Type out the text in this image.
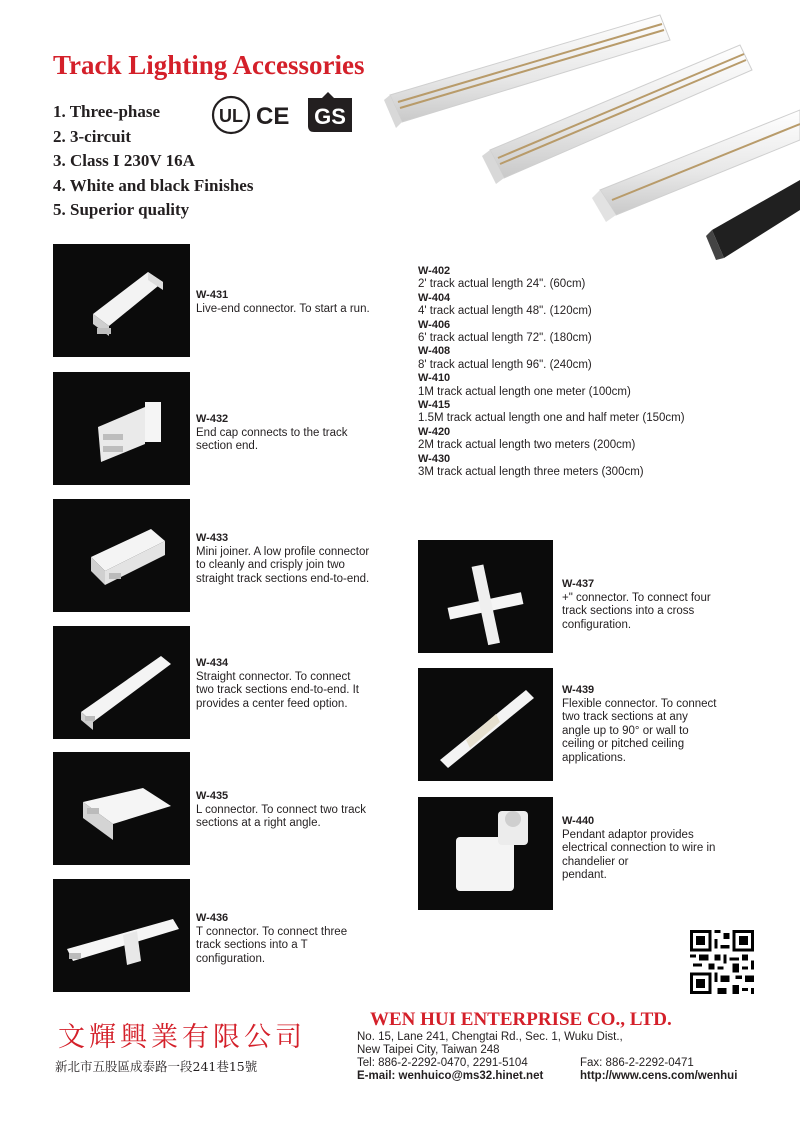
Track Lighting Accessories
1. Three-phase
2. 3-circuit
3. Class I 230V 16A
4. White and black Finishes
5. Superior quality
UL CE GS
W-431
Live-end connector. To start a run.
W-432
End cap connects to the track
section end.
W-433
Mini joiner. A low profile connector
to cleanly and crisply join two
straight track sections end-to-end.
W-434
Straight connector. To connect
two track sections end-to-end. It
provides a center feed option.
W-435
L connector. To connect two track
sections at a right angle.
W-436
T connector. To connect three
track sections into a T
configuration.
W-402
2' track actual length 24". (60cm)
W-404
4' track actual length 48". (120cm)
W-406
6' track actual length 72". (180cm)
W-408
8' track actual length 96". (240cm)
W-410
1M track actual length one meter (100cm)
W-415
1.5M track actual length one and half meter (150cm)
W-420
2M track actual length two meters (200cm)
W-430
3M track actual length three meters (300cm)
W-437
+" connector. To connect four
track sections into a cross
configuration.
W-439
Flexible connector. To connect
two track sections at any
angle up to 90° or wall to
ceiling or pitched ceiling
applications.
W-440
Pendant adaptor provides
electrical connection to wire in
chandelier or
pendant.
文輝興業有限公司
新北市五股區成泰路一段241巷15號
WEN HUI ENTERPRISE CO., LTD.
No. 15, Lane 241, Chengtai Rd., Sec. 1, Wuku Dist.,
New Taipei City, Taiwan 248
Tel: 886-2-2292-0470, 2291-5104	Fax: 886-2-2292-0471
E-mail: wenhuico@ms32.hinet.net	http://www.cens.com/wenhui
